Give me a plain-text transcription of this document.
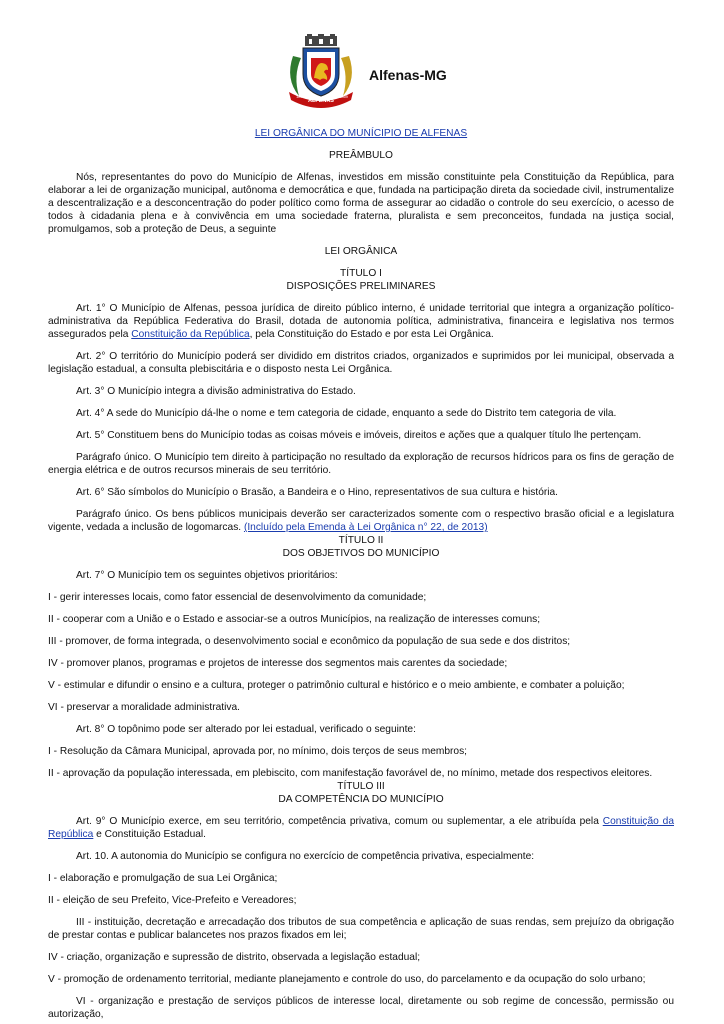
ALFENAS
1871	1869
Alfenas-MG

LEI ORGÂNICA DO MUNÍCIPIO DE ALFENAS

PREÂMBULO

Nós, representantes do povo do Município de Alfenas, investidos em missão constituinte pela Constituição da República, para elaborar a lei de organização municipal, autônoma e democrática e que, fundada na participação direta da sociedade civil, instrumentalize a descentralização e a desconcentração do poder político como forma de assegurar ao cidadão o controle do seu exercício, o acesso de todos à cidadania plena e à convivência em uma sociedade fraterna, pluralista e sem preconceitos, fundada na justiça social, promulgamos, sob a proteção de Deus, a seguinte

LEI ORGÂNICA

TÍTULO I

DISPOSIÇÕES PRELIMINARES

Art. 1° O Município de Alfenas, pessoa jurídica de direito público interno, é unidade territorial que integra a organização político-administrativa da República Federativa do Brasil, dotada de autonomia política, administrativa, financeira e legislativa nos termos assegurados pela Constituição da República, pela Constituição do Estado e por esta Lei Orgânica.

Art. 2° O território do Município poderá ser dividido em distritos criados, organizados e suprimidos por lei municipal, observada a legislação estadual, a consulta plebiscitária e o disposto nesta Lei Orgânica.

Art. 3° O Município integra a divisão administrativa do Estado.

Art. 4° A sede do Município dá-lhe o nome e tem categoria de cidade, enquanto a sede do Distrito tem categoria de vila.

Art. 5° Constituem bens do Município todas as coisas móveis e imóveis, direitos e ações que a qualquer título lhe pertençam.

Parágrafo único. O Município tem direito à participação no resultado da exploração de recursos hídricos para os fins de geração de energia elétrica e de outros recursos minerais de seu território.

Art. 6° São símbolos do Município o Brasão, a Bandeira e o Hino, representativos de sua cultura e história.

Parágrafo único. Os bens públicos municipais deverão ser caracterizados somente com o respectivo brasão oficial e a legislatura vigente, vedada a inclusão de logomarcas. (Incluído pela Emenda à Lei Orgânica n° 22, de 2013)

TÍTULO II

DOS OBJETIVOS DO MUNICÍPIO

Art. 7° O Município tem os seguintes objetivos prioritários:

I - gerir interesses locais, como fator essencial de desenvolvimento da comunidade;

II - cooperar com a União e o Estado e associar-se a outros Municípios, na realização de interesses comuns;

III - promover, de forma integrada, o desenvolvimento social e econômico da população de sua sede e dos distritos;

IV - promover planos, programas e projetos de interesse dos segmentos mais carentes da sociedade;

V - estimular e difundir o ensino e a cultura, proteger o patrimônio cultural e histórico e o meio ambiente, e combater a poluição;

VI - preservar a moralidade administrativa.

Art. 8° O topônimo pode ser alterado por lei estadual, verificado o seguinte:

I - Resolução da Câmara Municipal, aprovada por, no mínimo, dois terços de seus membros;

II - aprovação da população interessada, em plebiscito, com manifestação favorável de, no mínimo, metade dos respectivos eleitores.

TÍTULO III

DA COMPETÊNCIA DO MUNICÍPIO

Art. 9° O Município exerce, em seu território, competência privativa, comum ou suplementar, a ele atribuída pela Constituição da República e Constituição Estadual.

Art. 10. A autonomia do Município se configura no exercício de competência privativa, especialmente:

I - elaboração e promulgação de sua Lei Orgânica;

II - eleição de seu Prefeito, Vice-Prefeito e Vereadores;

III - instituição, decretação e arrecadação dos tributos de sua competência e aplicação de suas rendas, sem prejuízo da obrigação de prestar contas e publicar balancetes nos prazos fixados em lei;

IV - criação, organização e supressão de distrito, observada a legislação estadual;

V - promoção de ordenamento territorial, mediante planejamento e controle do uso, do parcelamento e da ocupação do solo urbano;

VI - organização e prestação de serviços públicos de interesse local, diretamente ou sob regime de concessão, permissão ou autorização,
